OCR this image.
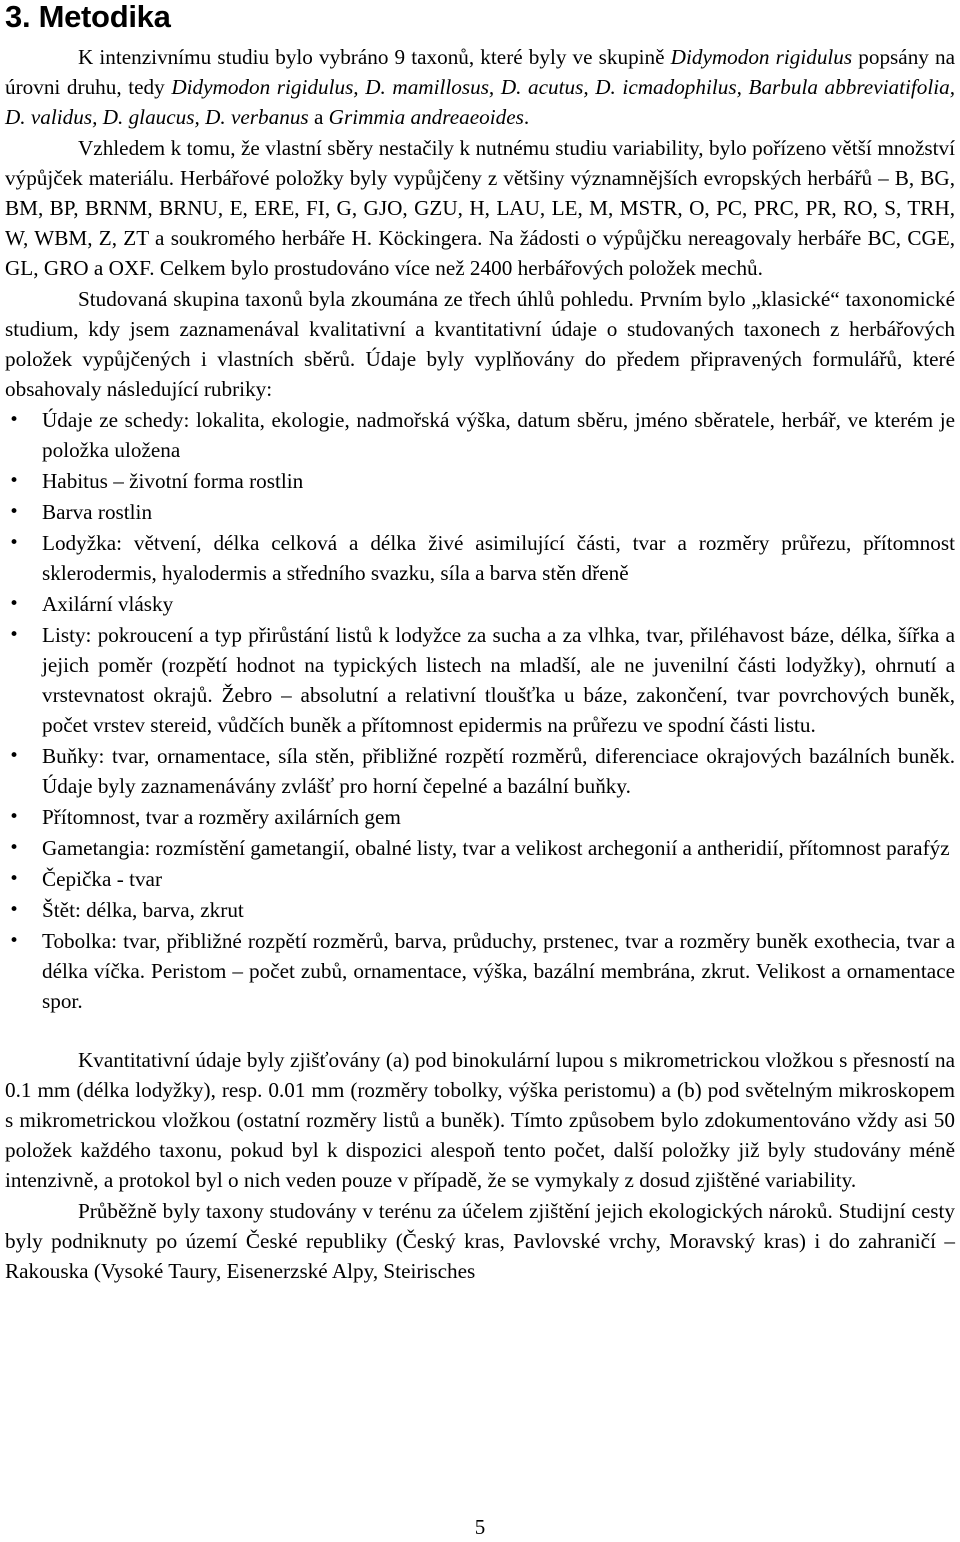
3. Metodika

K intenzivnímu studiu bylo vybráno 9 taxonů, které byly ve skupině Didymodon rigidulus popsány na úrovni druhu, tedy Didymodon rigidulus, D. mamillosus, D. acutus, D. icmadophilus, Barbula abbreviatifolia, D. validus, D. glaucus, D. verbanus a Grimmia andreaeoides.

Vzhledem k tomu, že vlastní sběry nestačily k nutnému studiu variability, bylo pořízeno větší množství výpůjček materiálu. Herbářové položky byly vypůjčeny z většiny významnějších evropských herbářů – B, BG, BM, BP, BRNM, BRNU, E, ERE, FI, G, GJO, GZU, H, LAU, LE, M, MSTR, O, PC, PRC, PR, RO, S, TRH, W, WBM, Z, ZT a soukromého herbáře H. Köckingera. Na žádosti o výpůjčku nereagovaly herbáře BC, CGE, GL, GRO a OXF. Celkem bylo prostudováno více než 2400 herbářových položek mechů.

Studovaná skupina taxonů byla zkoumána ze třech úhlů pohledu. Prvním bylo „klasické“ taxonomické studium, kdy jsem zaznamenával kvalitativní a kvantitativní údaje o studovaných taxonech z herbářových položek vypůjčených i vlastních sběrů. Údaje byly vyplňovány do předem připravených formulářů, které obsahovaly následující rubriky:

• Údaje ze schedy: lokalita, ekologie, nadmořská výška, datum sběru, jméno sběratele, herbář, ve kterém je položka uložena
• Habitus – životní forma rostlin
• Barva rostlin
• Lodyžka: větvení, délka celková a délka živé asimilující části, tvar a rozměry průřezu, přítomnost sklerodermis, hyalodermis a středního svazku, síla a barva stěn dřeně
• Axilární vlásky
• Listy: pokroucení a typ přirůstání listů k lodyžce za sucha a za vlhka, tvar, přiléhavost báze, délka, šířka a jejich poměr (rozpětí hodnot na typických listech na mladší, ale ne juvenilní části lodyžky), ohrnutí a vrstevnatost okrajů. Žebro – absolutní a relativní tloušťka u báze, zakončení, tvar povrchových buněk, počet vrstev stereid, vůdčích buněk a přítomnost epidermis na průřezu ve spodní části listu.
• Buňky: tvar, ornamentace, síla stěn, přibližné rozpětí rozměrů, diferenciace okrajových bazálních buněk. Údaje byly zaznamenávány zvlášť pro horní čepelné a bazální buňky.
• Přítomnost, tvar a rozměry axilárních gem
• Gametangia: rozmístění gametangií, obalné listy, tvar a velikost archegonií a antheridií, přítomnost parafýz
• Čepička - tvar
• Štět: délka, barva, zkrut
• Tobolka: tvar, přibližné rozpětí rozměrů, barva, průduchy, prstenec, tvar a rozměry buněk exothecia, tvar a délka víčka. Peristom – počet zubů, ornamentace, výška, bazální membrána, zkrut. Velikost a ornamentace spor.

Kvantitativní údaje byly zjišťovány (a) pod binokulární lupou s mikrometrickou vložkou s přesností na 0.1 mm (délka lodyžky), resp. 0.01 mm (rozměry tobolky, výška peristomu) a (b) pod světelným mikroskopem s mikrometrickou vložkou (ostatní rozměry listů a buněk). Tímto způsobem bylo zdokumentováno vždy asi 50 položek každého taxonu, pokud byl k dispozici alespoň tento počet, další položky již byly studovány méně intenzivně, a protokol byl o nich veden pouze v případě, že se vymykaly z dosud zjištěné variability.

Průběžně byly taxony studovány v terénu za účelem zjištění jejich ekologických nároků. Studijní cesty byly podniknuty po území České republiky (Český kras, Pavlovské vrchy, Moravský kras) i do zahraničí – Rakouska (Vysoké Taury, Eisenerzské Alpy, Steirisches

5
